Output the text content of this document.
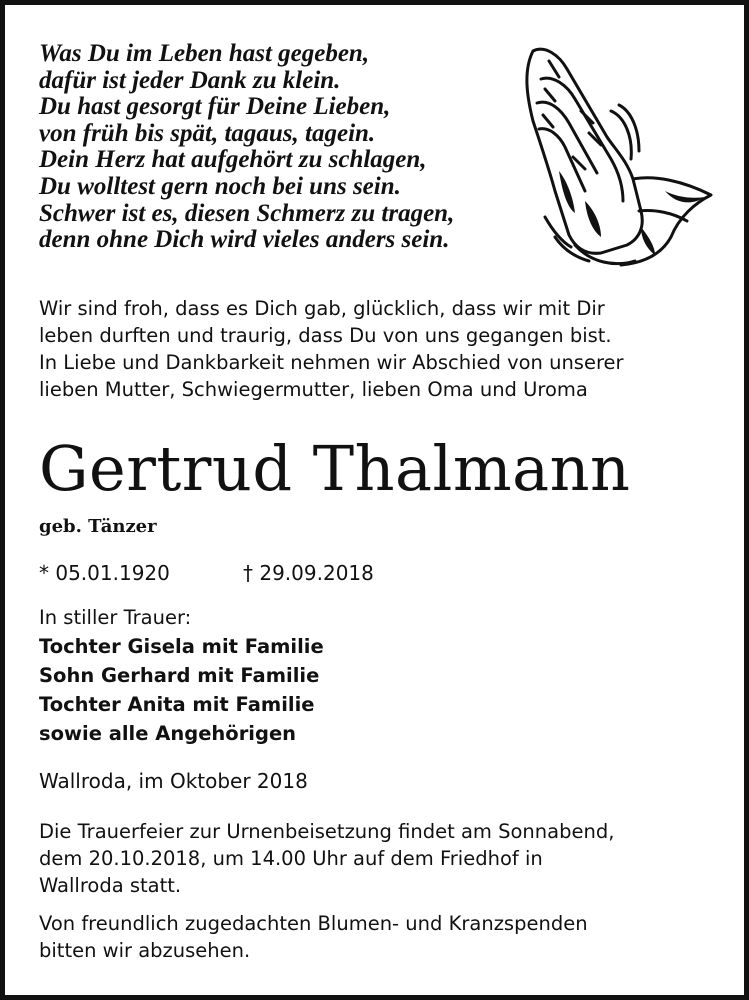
Was Du im Leben hast gegeben,
dafür ist jeder Dank zu klein.
Du hast gesorgt für Deine Lieben,
von früh bis spät, tagaus, tagein.
Dein Herz hat aufgehört zu schlagen,
Du wolltest gern noch bei uns sein.
Schwer ist es, diesen Schmerz zu tragen,
denn ohne Dich wird vieles anders sein.
Wir sind froh, dass es Dich gab, glücklich, dass wir mit Dir
leben durften und traurig, dass Du von uns gegangen bist.
In Liebe und Dankbarkeit nehmen wir Abschied von unserer
lieben Mutter, Schwiegermutter, lieben Oma und Uroma
Gertrud Thalmann
geb. Tänzer
* 05.01.1920	† 29.09.2018
In stiller Trauer:
Tochter Gisela mit Familie
Sohn Gerhard mit Familie
Tochter Anita mit Familie
sowie alle Angehörigen
Wallroda, im Oktober 2018
Die Trauerfeier zur Urnenbeisetzung findet am Sonnabend,
dem 20.10.2018, um 14.00 Uhr auf dem Friedhof in
Wallroda statt.
Von freundlich zugedachten Blumen- und Kranzspenden
bitten wir abzusehen.
